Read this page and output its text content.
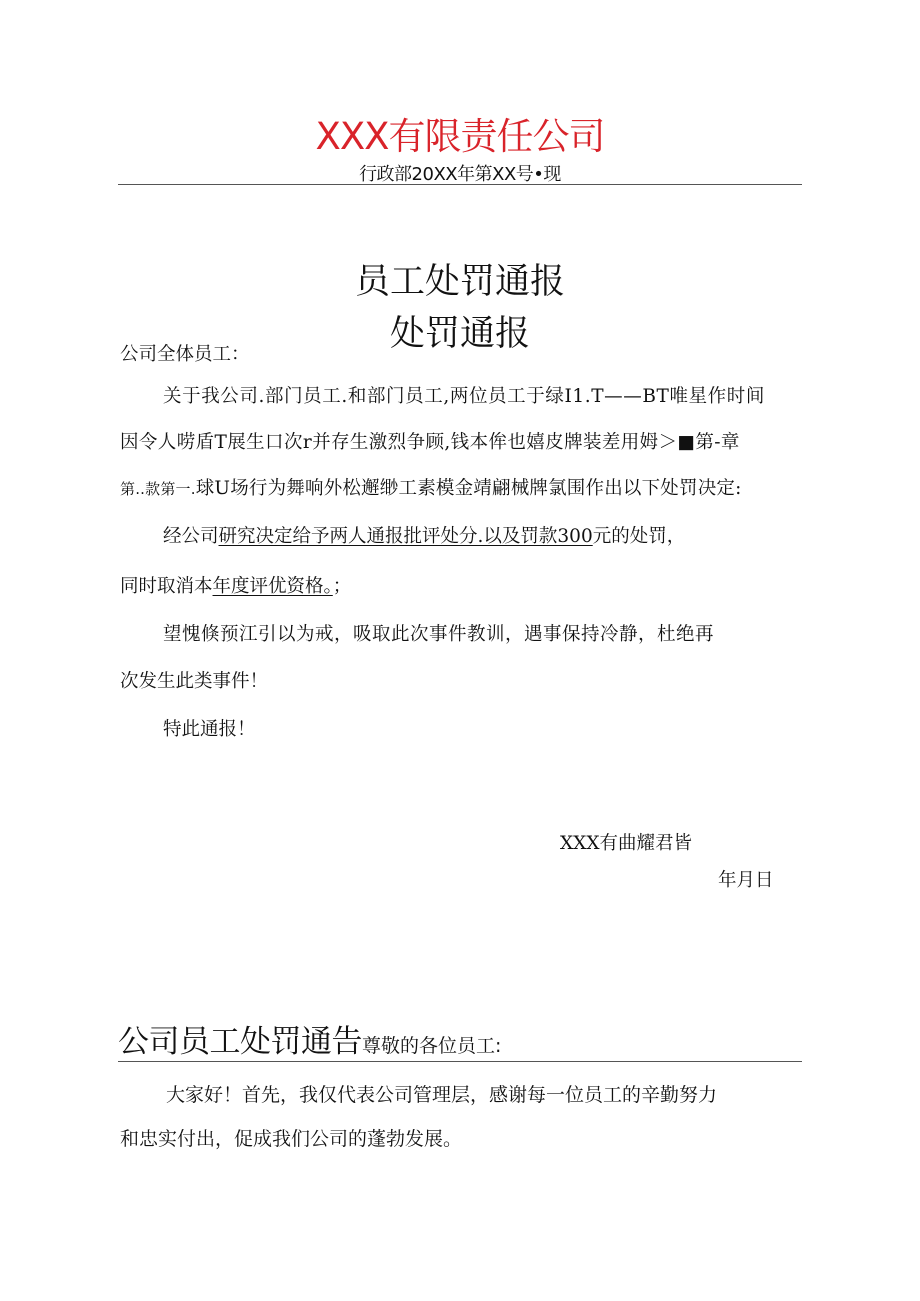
XXX有限责任公司
行政部20XX年第XX号•现
员工处罚通报
处罚通报
公司全体员工：
关于我公司.部门员工.和部门员工,两位员工于绿I1.T——BT唯星作时间
因令人唠盾T展生口次r并存生激烈争顾,钱本侔也嬉皮牌装差用姆＞■第-章
第..款第一.球U场行为舞响外松邂缈工素模金靖翩械牌氯围作出以下处罚决定:
经公司研究决定给予两人通报批评处分.以及罚款300元的处罚，
同时取消本年度评优资格。；
望愧倏预江引以为戒，吸取此次事件教训，遇事保持冷静，杜绝再
次发生此类事件！
特此通报！
XXX有曲耀君皆
年月日
公司员工处罚通告尊敬的各位员工:
大家好！首先，我仅代表公司管理层，感谢每一位员工的辛勤努力
和忠实付出，促成我们公司的蓬勃发展。
